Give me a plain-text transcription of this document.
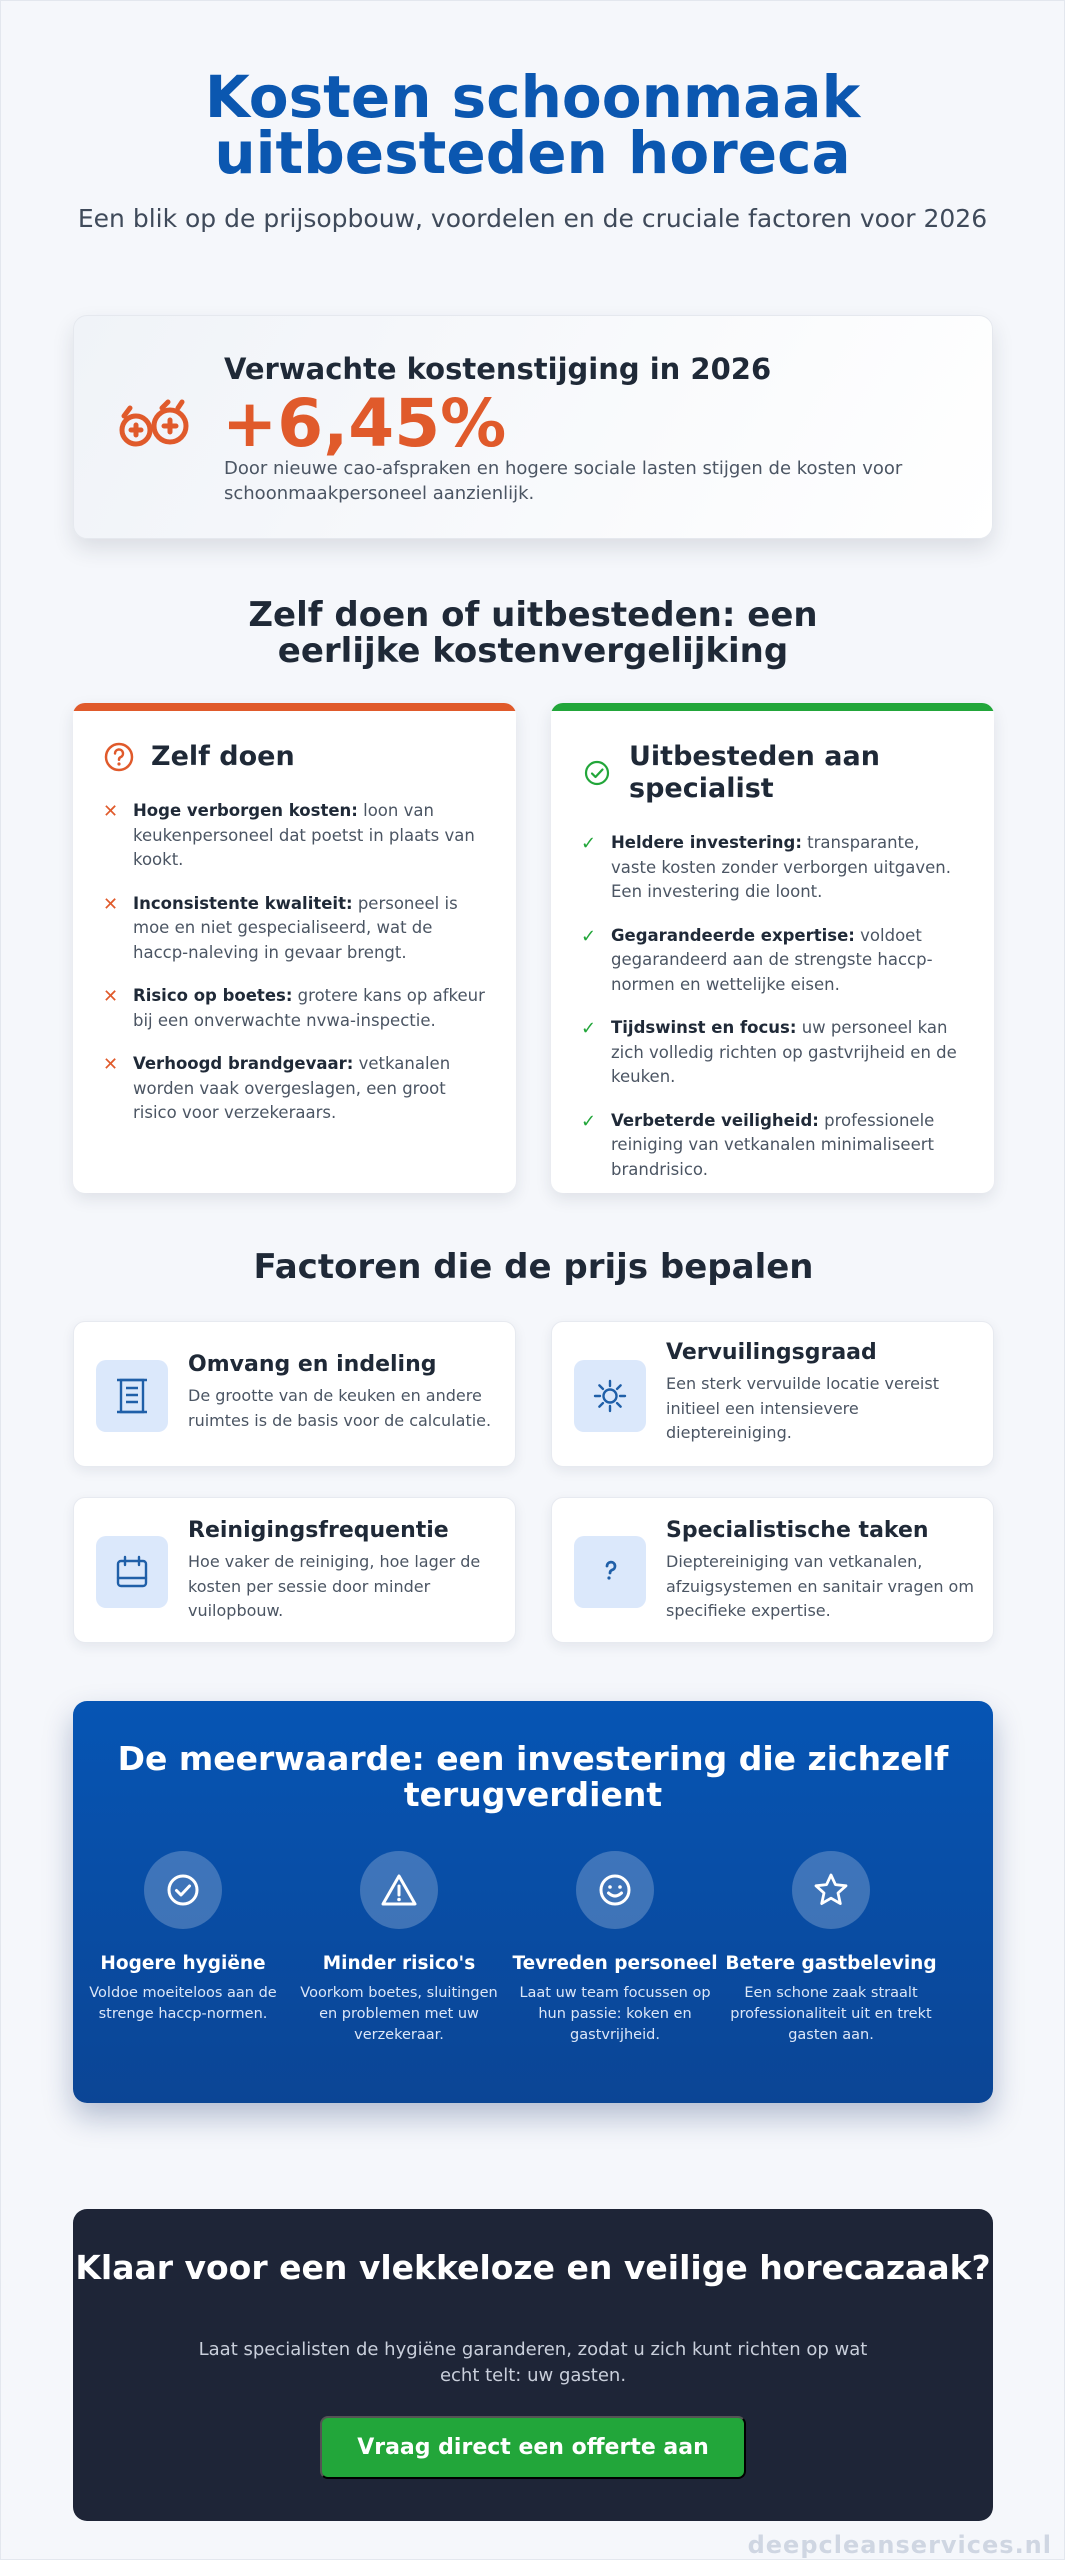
Kosten schoonmaak uitbesteden horeca

Een blik op de prijsopbouw, voordelen en de cruciale factoren voor 2026

Verwachte kostenstijging in 2026
+6,45%

Door nieuwe cao-afspraken en hogere sociale lasten stijgen de kosten voor schoonmaakpersoneel aanzienlijk.

Zelf doen of uitbesteden: een eerlijke kostenvergelijking
Zelf doen
✕ Hoge verborgen kosten: loon van keukenpersoneel dat poetst in plaats van kookt.
✕ Inconsistente kwaliteit: personeel is moe en niet gespecialiseerd, wat de haccp-naleving in gevaar brengt.
✕ Risico op boetes: grotere kans op afkeur bij een onverwachte nvwa-inspectie.
✕ Verhoogd brandgevaar: vetkanalen worden vaak overgeslagen, een groot risico voor verzekeraars.
Uitbesteden aan specialist
✓ Heldere investering: transparante, vaste kosten zonder verborgen uitgaven. Een investering die loont.
✓ Gegarandeerde expertise: voldoet gegarandeerd aan de strengste haccp-normen en wettelijke eisen.
✓ Tijdswinst en focus: uw personeel kan zich volledig richten op gastvrijheid en de keuken.
✓ Verbeterde veiligheid: professionele reiniging van vetkanalen minimaliseert brandrisico.
Factoren die de prijs bepalen
Omvang en indeling
De grootte van de keuken en andere ruimtes is de basis voor de calculatie.
Vervuilingsgraad
Een sterk vervuilde locatie vereist initieel een intensievere dieptereiniging.
Reinigingsfrequentie
Hoe vaker de reiniging, hoe lager de kosten per sessie door minder vuilopbouw.
Specialistische taken
Dieptereiniging van vetkanalen, afzuigsystemen en sanitair vragen om specifieke expertise.
De meerwaarde: een investering die zichzelf terugverdient
Hogere hygiëne
Voldoe moeiteloos aan de strenge haccp-normen.
Minder risico's
Voorkom boetes, sluitingen en problemen met uw verzekeraar.
Tevreden personeel
Laat uw team focussen op hun passie: koken en gastvrijheid.
Betere gastbeleving
Een schone zaak straalt professionaliteit uit en trekt gasten aan.
Klaar voor een vlekkeloze en veilige horecazaak?

Laat specialisten de hygiëne garanderen, zodat u zich kunt richten op wat echt telt: uw gasten.

Vraag direct een offerte aan
deepcleanservices.nl
